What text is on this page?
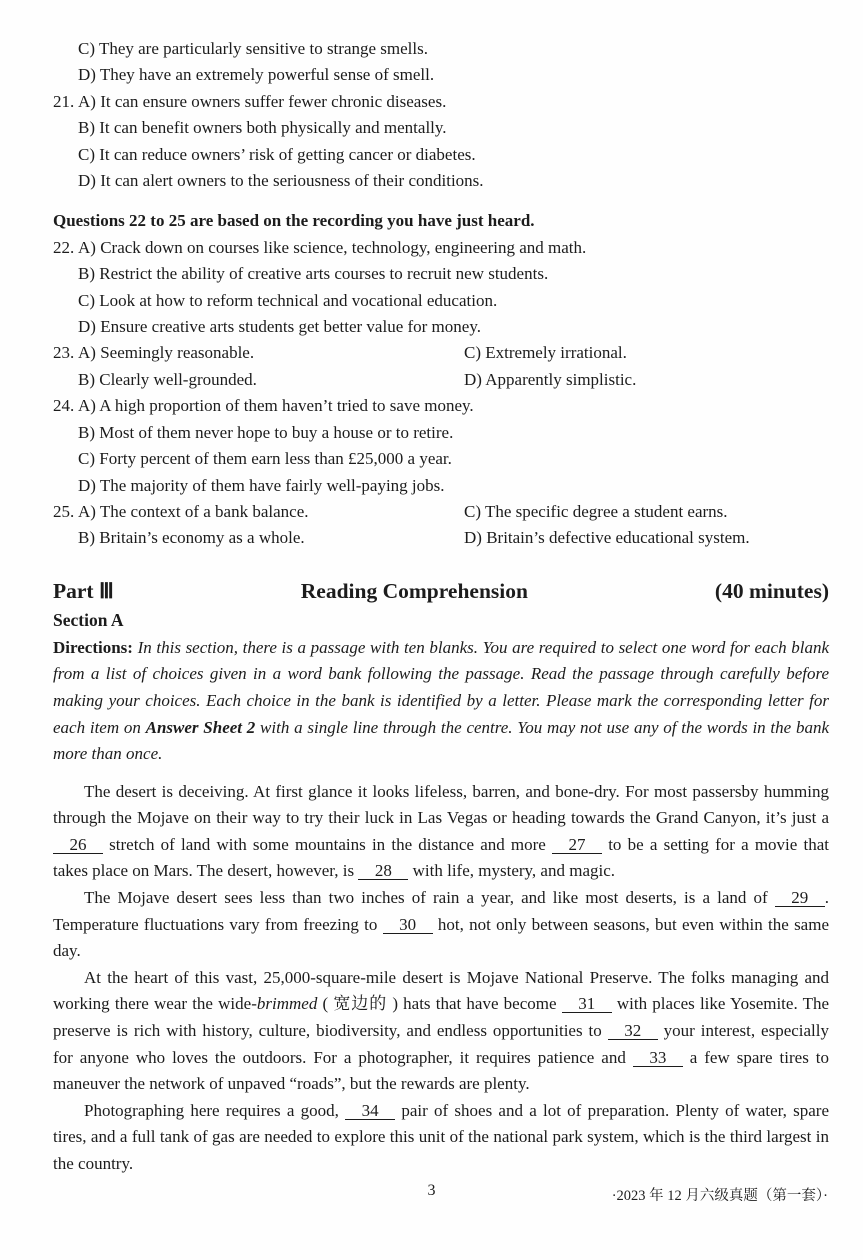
C) They are particularly sensitive to strange smells.
D) They have an extremely powerful sense of smell.
21. A) It can ensure owners suffer fewer chronic diseases.
B) It can benefit owners both physically and mentally.
C) It can reduce owners’ risk of getting cancer or diabetes.
D) It can alert owners to the seriousness of their conditions.

Questions 22 to 25 are based on the recording you have just heard.

22. A) Crack down on courses like science, technology, engineering and math.
B) Restrict the ability of creative arts courses to recruit new students.
C) Look at how to reform technical and vocational education.
D) Ensure creative arts students get better value for money.
23. A) Seemingly reasonable.	C) Extremely irrational.
B) Clearly well-grounded.	D) Apparently simplistic.
24. A) A high proportion of them haven’t tried to save money.
B) Most of them never hope to buy a house or to retire.
C) Forty percent of them earn less than £25,000 a year.
D) The majority of them have fairly well-paying jobs.
25. A) The context of a bank balance.	C) The specific degree a student earns.
B) Britain’s economy as a whole.	D) Britain’s defective educational system.
Part Ⅲ	Reading Comprehension	(40 minutes)
Section A

Directions: In this section, there is a passage with ten blanks. You are required to select one word for each blank from a list of choices given in a word bank following the passage. Read the passage through carefully before making your choices. Each choice in the bank is identified by a letter. Please mark the corresponding letter for each item on Answer Sheet 2 with a single line through the centre. You may not use any of the words in the bank more than once.

The desert is deceiving. At first glance it looks lifeless, barren, and bone-dry. For most passersby humming through the Mojave on their way to try their luck in Las Vegas or heading towards the Grand Canyon, it’s just a 26 stretch of land with some mountains in the distance and more 27 to be a setting for a movie that takes place on Mars. The desert, however, is 28 with life, mystery, and magic.

The Mojave desert sees less than two inches of rain a year, and like most deserts, is a land of 29 . Temperature fluctuations vary from freezing to 30 hot, not only between seasons, but even within the same day.

At the heart of this vast, 25,000-square-mile desert is Mojave National Preserve. The folks managing and working there wear the wide-brimmed ( 宽边的 ) hats that have become 31 with places like Yosemite. The preserve is rich with history, culture, biodiversity, and endless opportunities to 32 your interest, especially for anyone who loves the outdoors. For a photographer, it requires patience and 33 a few spare tires to maneuver the network of unpaved “roads”, but the rewards are plenty.

Photographing here requires a good, 34 pair of shoes and a lot of preparation. Plenty of water, spare tires, and a full tank of gas are needed to explore this unit of the national park system, which is the third largest in the country.

3	·2023 年 12 月六级真题（第一套）·
